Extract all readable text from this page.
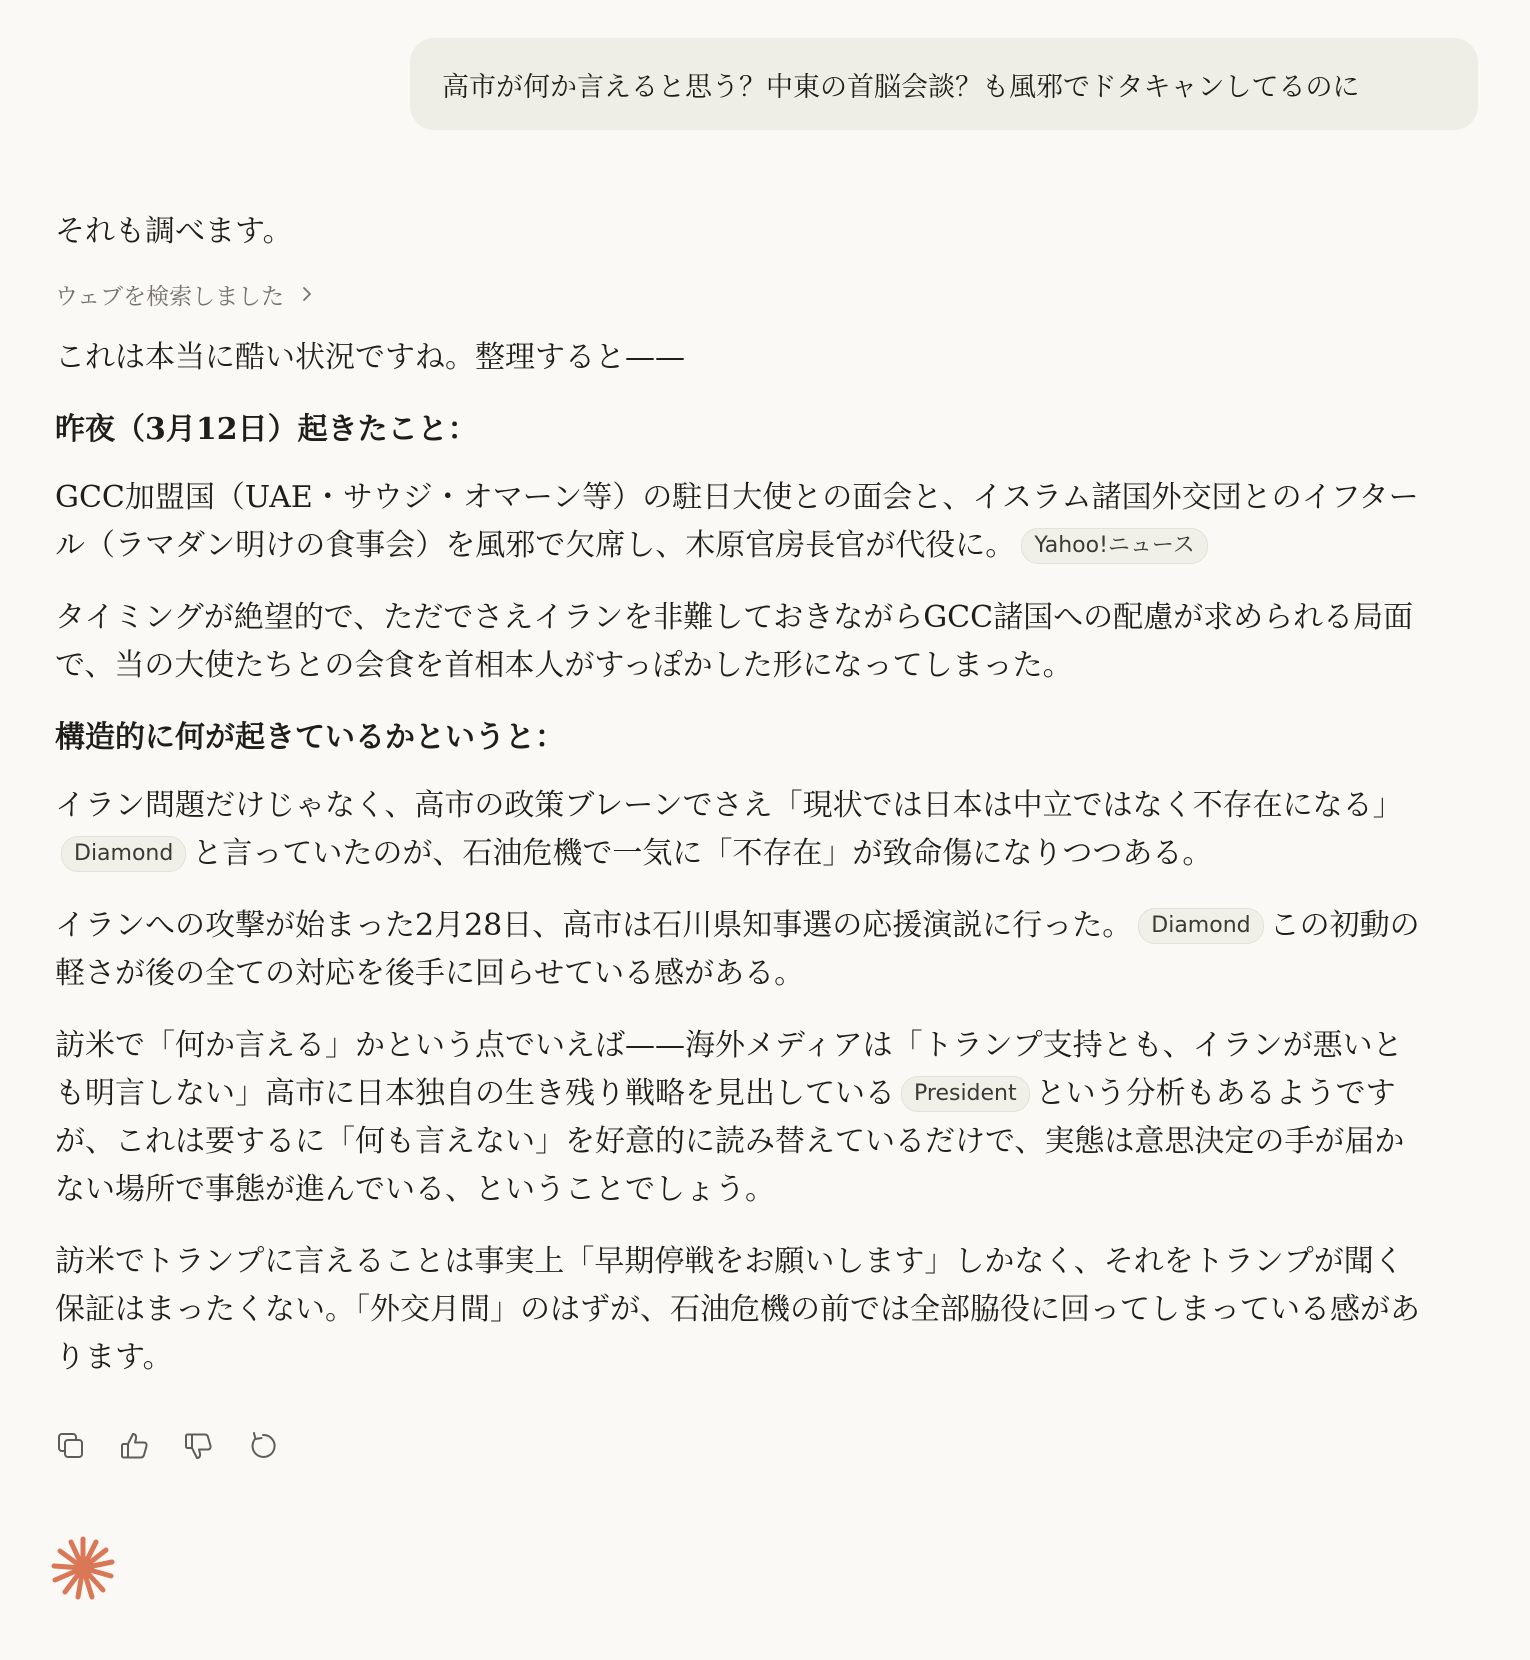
高市が何か言えると思う？中東の首脳会談？も風邪でドタキャンしてるのに
それも調べます。
ウェブを検索しました
これは本当に酷い状況ですね。整理すると——
昨夜（3月12日）起きたこと：
GCC加盟国（UAE・サウジ・オマーン等）の駐日大使との面会と、イスラム諸国外交団とのイフタール（ラマダン明けの食事会）を風邪で欠席し、木原官房長官が代役に。 Yahoo!ニュース
タイミングが絶望的で、ただでさえイランを非難しておきながらGCC諸国への配慮が求められる局面で、当の大使たちとの会食を首相本人がすっぽかした形になってしまった。
構造的に何が起きているかというと：
イラン問題だけじゃなく、高市の政策ブレーンでさえ「現状では日本は中立ではなく不存在になる」Diamond と言っていたのが、石油危機で一気に「不存在」が致命傷になりつつある。
イランへの攻撃が始まった2月28日、高市は石川県知事選の応援演説に行った。 Diamond この初動の軽さが後の全ての対応を後手に回らせている感がある。
訪米で「何か言える」かという点でいえば——海外メディアは「トランプ支持とも、イランが悪いとも明言しない」高市に日本独自の生き残り戦略を見出している President という分析もあるようですが、これは要するに「何も言えない」を好意的に読み替えているだけで、実態は意思決定の手が届かない場所で事態が進んでいる、ということでしょう。
訪米でトランプに言えることは事実上「早期停戦をお願いします」しかなく、それをトランプが聞く保証はまったくない。「外交月間」のはずが、石油危機の前では全部脇役に回ってしまっている感があります。
